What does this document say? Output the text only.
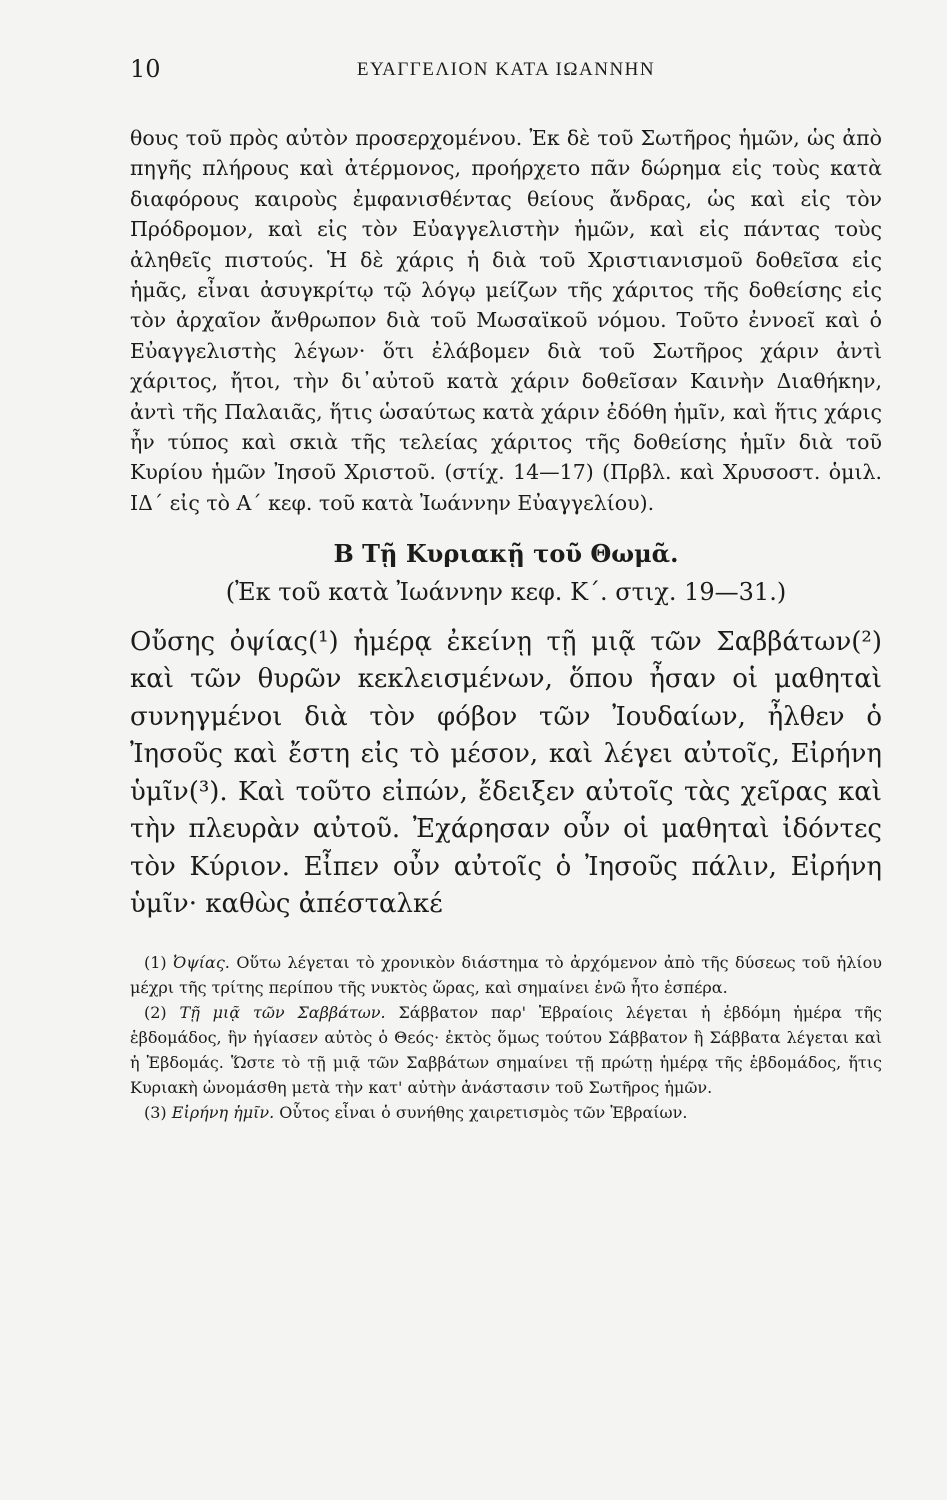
10	ΕΥΑΓΓΕΛΙΟΝ ΚΑΤΑ ΙΩΑΝΝΗΝ

θους τοῦ πρὸς αὐτὸν προσερχομένου. Ἐκ δὲ τοῦ Σωτῆρος ἡμῶν, ὡς ἀπὸ πηγῆς πλήρους καὶ ἀτέρμονος, προήρχετο πᾶν δώρημα εἰς τοὺς κατὰ διαφόρους καιροὺς ἐμφανισθέντας θείους ἄνδρας, ὡς καὶ εἰς τὸν Πρόδρομον, καὶ εἰς τὸν Εὐαγγελιστὴν ἡμῶν, καὶ εἰς πάντας τοὺς ἀληθεῖς πιστούς. Ἡ δὲ χάρις ἡ διὰ τοῦ Χριστιανισμοῦ δοθεῖσα εἰς ἡμᾶς, εἶναι ἀσυγκρίτῳ τῷ λόγῳ μείζων τῆς χάριτος τῆς δοθείσης εἰς τὸν ἀρχαῖον ἄνθρωπον διὰ τοῦ Μωσαϊκοῦ νόμου. Τοῦτο ἐννοεῖ καὶ ὁ Εὐαγγελιστὴς λέγων· ὅτι ἐλάβομεν διὰ τοῦ Σωτῆρος χάριν ἀντὶ χάριτος, ἤτοι, τὴν δι᾿αὐτοῦ κατὰ χάριν δοθεῖσαν Καινὴν Διαθήκην, ἀντὶ τῆς Παλαιᾶς, ἥτις ὡσαύτως κατὰ χάριν ἐδόθη ἡμῖν, καὶ ἥτις χάρις ἦν τύπος καὶ σκιὰ τῆς τελείας χάριτος τῆς δοθείσης ἡμῖν διὰ τοῦ Κυρίου ἡμῶν Ἰησοῦ Χριστοῦ. (στίχ. 14—17) (Πρβλ. καὶ Χρυσοστ. ὁμιλ. ΙΔ´ εἰς τὸ Α´ κεφ. τοῦ κατὰ Ἰωάννην Εὐαγγελίου).

Β Τῇ Κυριακῇ τοῦ Θωμᾶ.
(Ἐκ τοῦ κατὰ Ἰωάννην κεφ. Κ´. στιχ. 19—31.)

Οὔσης ὀψίας(¹) ἡμέρᾳ ἐκείνῃ τῇ μιᾷ τῶν Σαββάτων(²) καὶ τῶν θυρῶν κεκλεισμένων, ὅπου ἦσαν οἱ μαθηταὶ συνηγμένοι διὰ τὸν φόβον τῶν Ἰουδαίων, ἦλθεν ὁ Ἰησοῦς καὶ ἔστη εἰς τὸ μέσον, καὶ λέγει αὐτοῖς, Εἰρήνη ὑμῖν(³). Καὶ τοῦτο εἰπών, ἔδειξεν αὐτοῖς τὰς χεῖρας καὶ τὴν πλευρὰν αὐτοῦ. Ἐχάρησαν οὖν οἱ μαθηταὶ ἰδόντες τὸν Κύριον. Εἶπεν οὖν αὐτοῖς ὁ Ἰησοῦς πάλιν, Εἰρήνη ὑμῖν· καθὼς ἀπέσταλκέ

(1) Ὀψίας. Οὕτω λέγεται τὸ χρονικὸν διάστημα τὸ ἀρχόμενον ἀπὸ τῆς δύσεως τοῦ ἡλίου μέχρι τῆς τρίτης περίπου τῆς νυκτὸς ὥρας, καὶ σημαίνει ἐνῶ ἦτο ἑσπέρα.

(2) Τῇ μιᾷ τῶν Σαββάτων. Σάββατον παρ' Ἑβραίοις λέγεται ἡ ἑβδόμη ἡμέρα τῆς ἑβδομάδος, ἣν ἡγίασεν αὐτὸς ὁ Θεός· ἐκτὸς ὅμως τούτου Σάββατον ἢ Σάββατα λέγεται καὶ ἡ Ἑβδομάς. Ὥστε τὸ τῇ μιᾷ τῶν Σαββάτων σημαίνει τῇ πρώτῃ ἡμέρᾳ τῆς ἑβδομάδος, ἥτις Κυριακὴ ὠνομάσθη μετὰ τὴν κατ' αὐτὴν ἀνάστασιν τοῦ Σωτῆρος ἡμῶν.

(3) Εἰρήνη ἡμῖν. Οὗτος εἶναι ὁ συνήθης χαιρετισμὸς τῶν Ἑβραίων.
